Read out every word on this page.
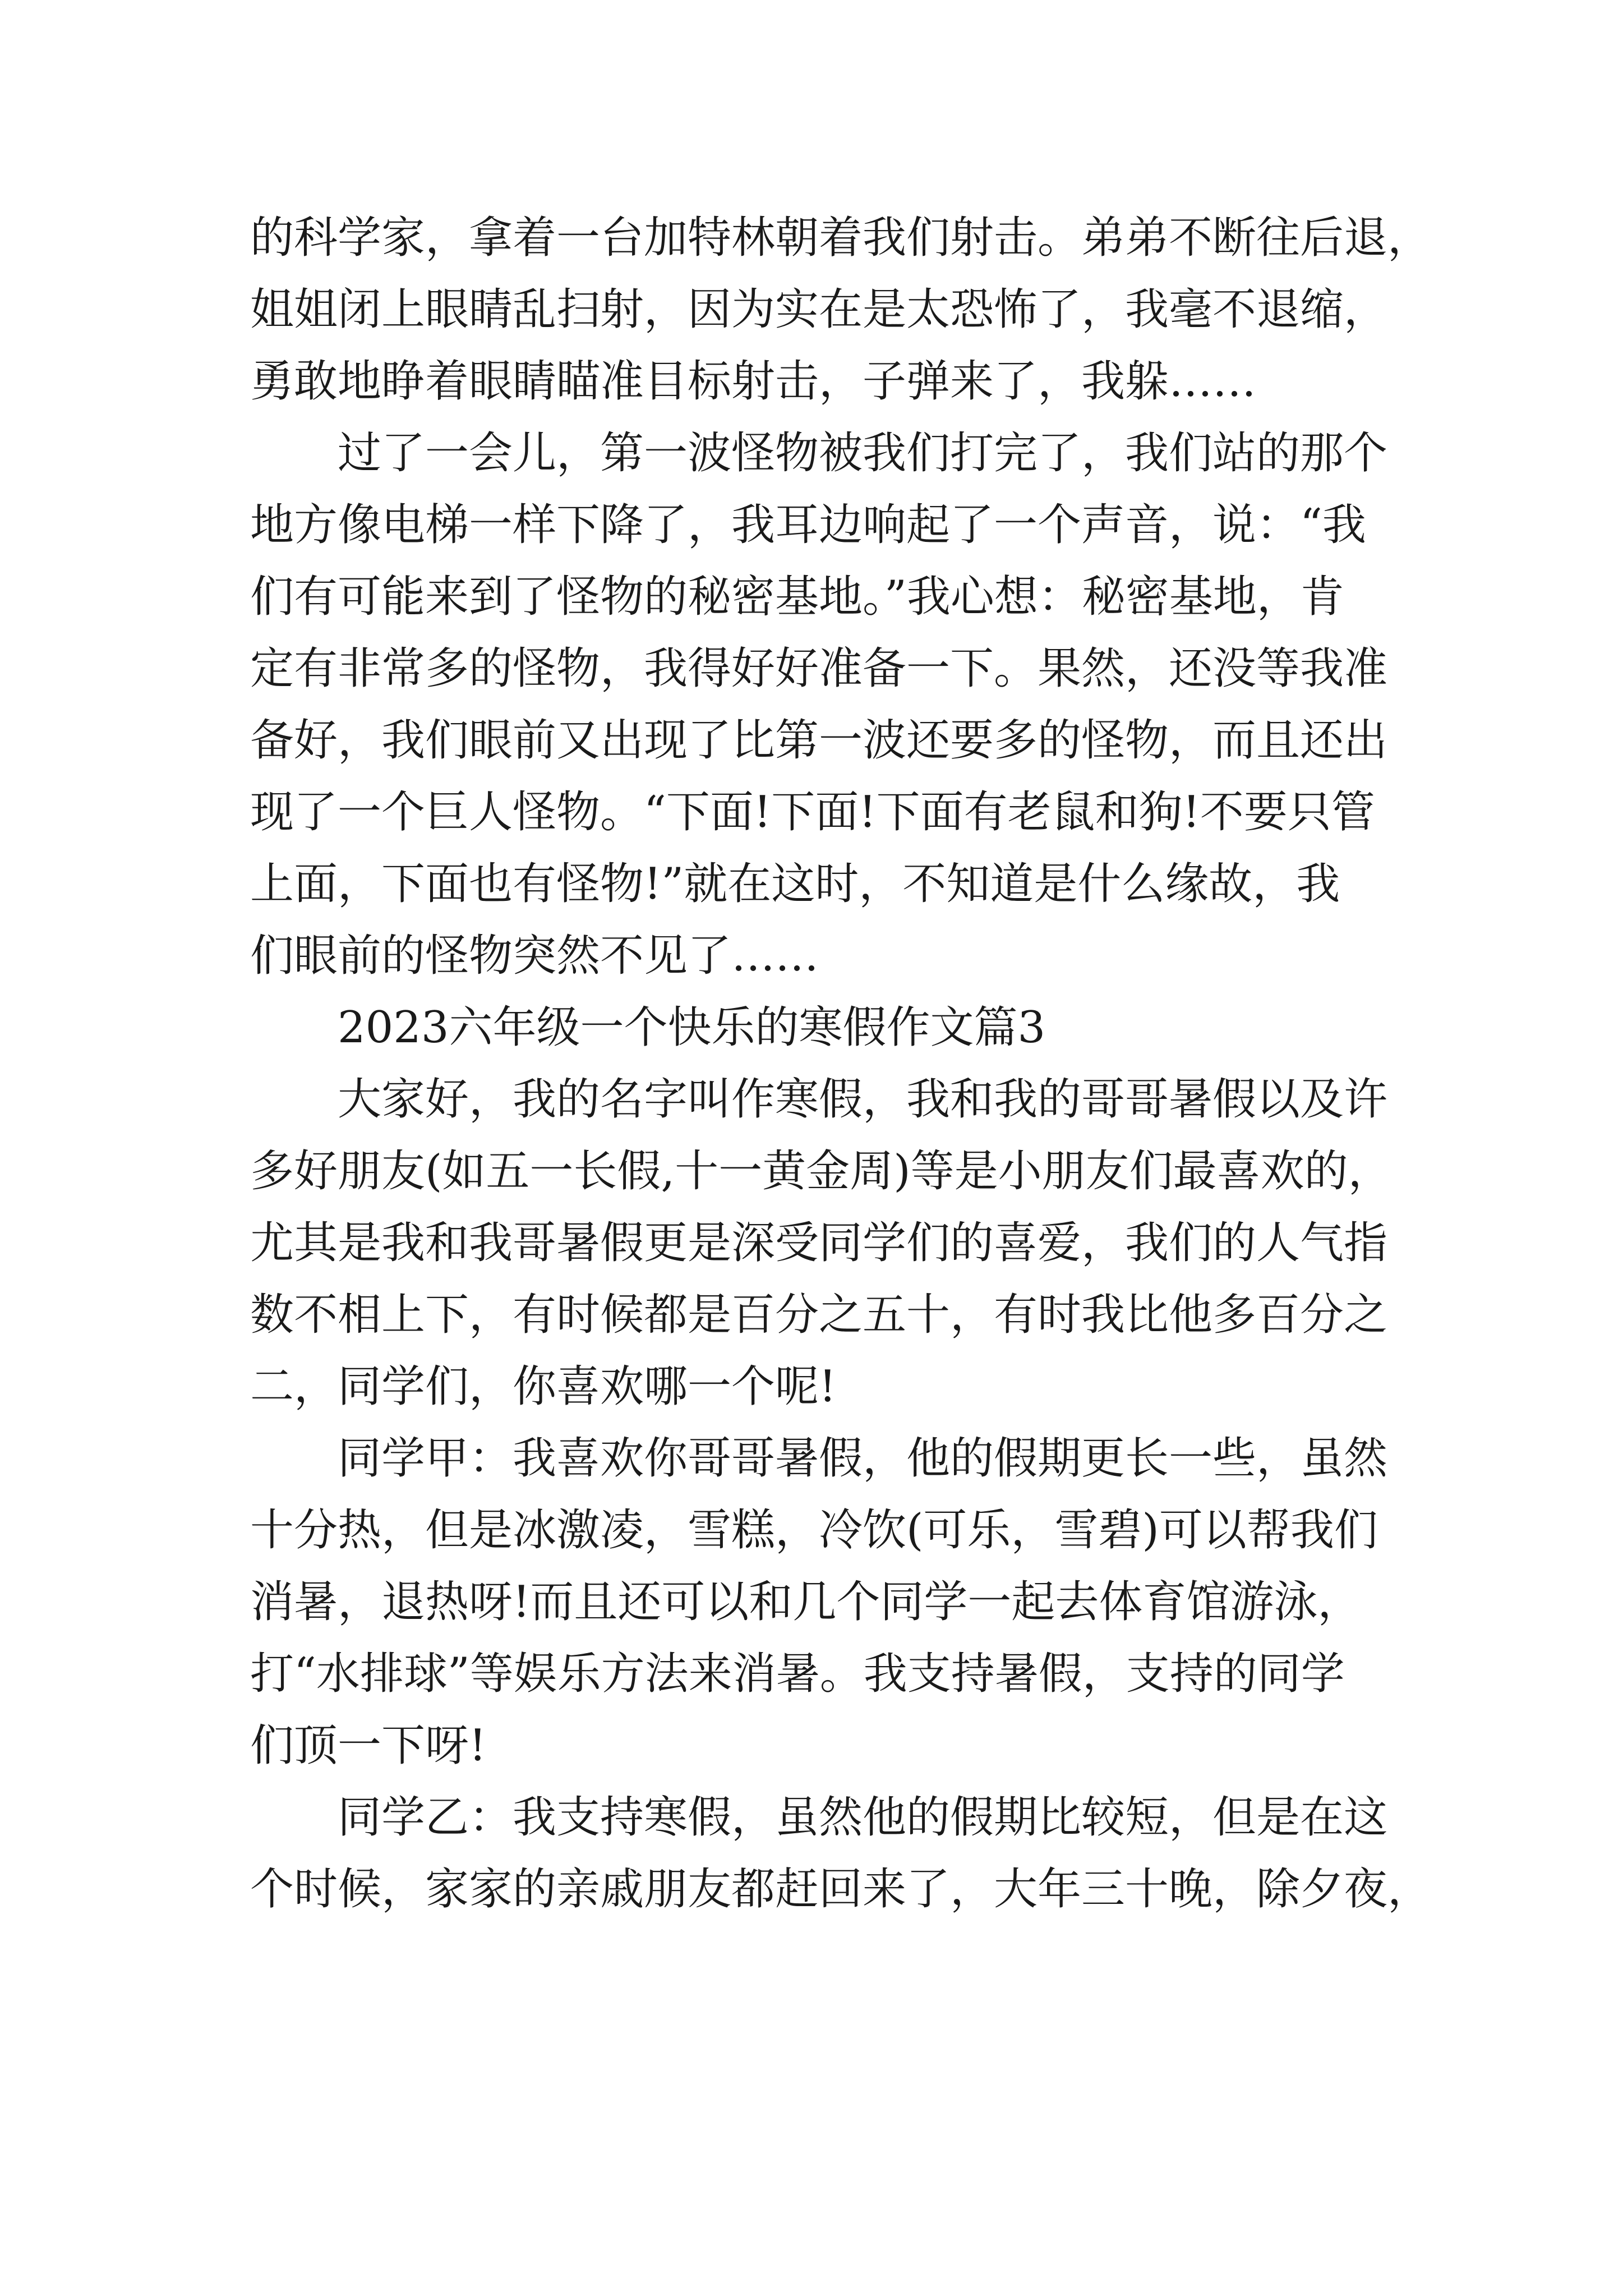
的科学家，拿着一台加特林朝着我们射击。弟弟不断往后退，
姐姐闭上眼睛乱扫射，因为实在是太恐怖了，我毫不退缩，
勇敢地睁着眼睛瞄准目标射击，子弹来了，我躲……
过了一会儿，第一波怪物被我们打完了，我们站的那个
地方像电梯一样下降了，我耳边响起了一个声音，说：“我
们有可能来到了怪物的秘密基地。”我心想：秘密基地，肯
定有非常多的怪物，我得好好准备一下。果然，还没等我准
备好，我们眼前又出现了比第一波还要多的怪物，而且还出
现了一个巨人怪物。“下面!下面!下面有老鼠和狗!不要只管
上面，下面也有怪物!”就在这时，不知道是什么缘故，我
们眼前的怪物突然不见了……
2023六年级一个快乐的寒假作文篇3
大家好，我的名字叫作寒假，我和我的哥哥暑假以及许
多好朋友(如五一长假,十一黄金周)等是小朋友们最喜欢的，
尤其是我和我哥暑假更是深受同学们的喜爱，我们的人气指
数不相上下，有时候都是百分之五十，有时我比他多百分之
二，同学们，你喜欢哪一个呢!
同学甲：我喜欢你哥哥暑假，他的假期更长一些，虽然
十分热，但是冰激凌，雪糕，冷饮(可乐，雪碧)可以帮我们
消暑，退热呀!而且还可以和几个同学一起去体育馆游泳，
打“水排球”等娱乐方法来消暑。我支持暑假，支持的同学
们顶一下呀!
同学乙：我支持寒假，虽然他的假期比较短，但是在这
个时候，家家的亲戚朋友都赶回来了，大年三十晚，除夕夜，
